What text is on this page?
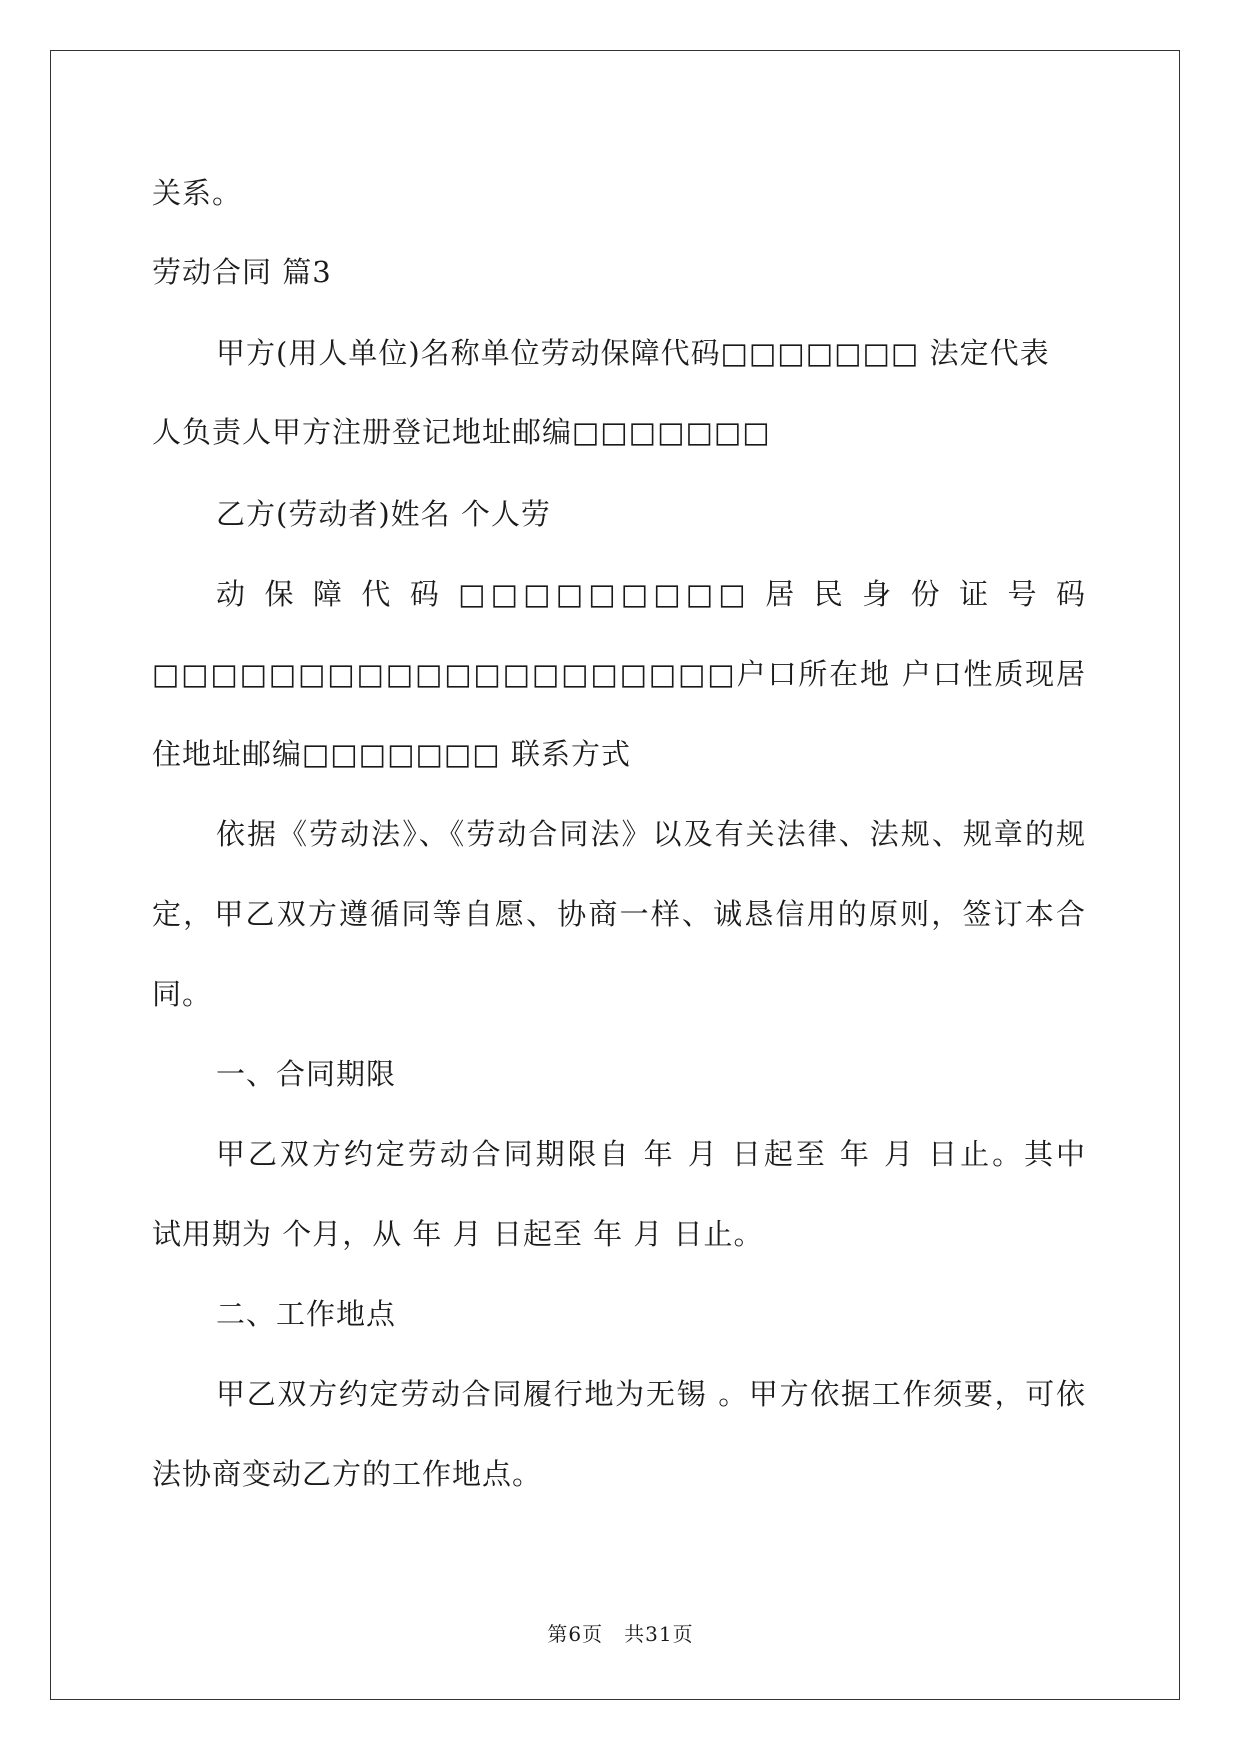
关系。
劳动合同 篇3
甲方(用人单位)名称单位劳动保障代码□□□□□□□ 法定代表
人负责人甲方注册登记地址邮编□□□□□□□
乙方(劳动者)姓名 个人劳
动 保 障 代 码 □□□□□□□□□ 居 民 身 份 证 号 码
□□□□□□□□□□□□□□□□□□□□户口所在地 户口性质现居
住地址邮编□□□□□□□ 联系方式
依据《劳动法》、《劳动合同法》以及有关法律、法规、规章的规
定，甲乙双方遵循同等自愿、协商一样、诚恳信用的原则，签订本合
同。
一、合同期限
甲乙双方约定劳动合同期限自 年 月 日起至 年 月 日止。其中
试用期为 个月，从 年 月 日起至 年 月 日止。
二、工作地点
甲乙双方约定劳动合同履行地为无锡 。甲方依据工作须要，可依
法协商变动乙方的工作地点。
第6页　共31页
